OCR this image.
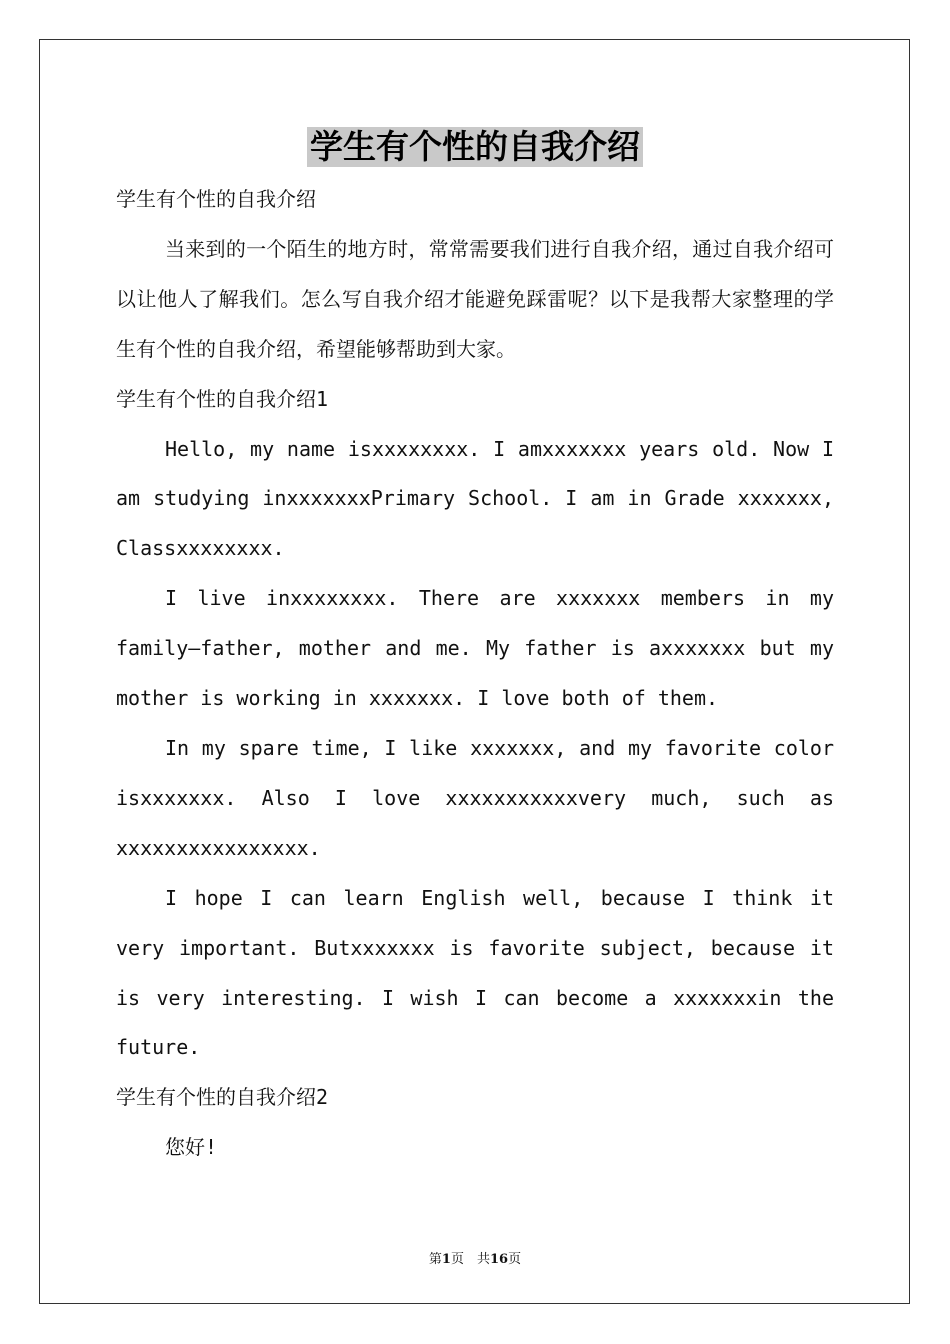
学生有个性的自我介绍

学生有个性的自我介绍

当来到的一个陌生的地方时，常常需要我们进行自我介绍，通过自我介绍可以让他人了解我们。怎么写自我介绍才能避免踩雷呢？以下是我帮大家整理的学生有个性的自我介绍，希望能够帮助到大家。

学生有个性的自我介绍1

Hello, my name isxxxxxxxx. I amxxxxxxx years old. Now I am studying inxxxxxxxPrimary School. I am in Grade xxxxxxx, Classxxxxxxxx.

I live inxxxxxxxx. There are xxxxxxx members in my family—father, mother and me. My father is axxxxxxx but my mother is working in xxxxxxx. I love both of them.

In my spare time, I like xxxxxxx, and my favorite color isxxxxxxx. Also I love xxxxxxxxxxxvery much, such as xxxxxxxxxxxxxxxx.

I hope I can learn English well, because I think it very important. Butxxxxxxx is favorite subject, because it is very interesting. I wish I can become a xxxxxxxin the future.

学生有个性的自我介绍2

您好!

第1页　共16页
